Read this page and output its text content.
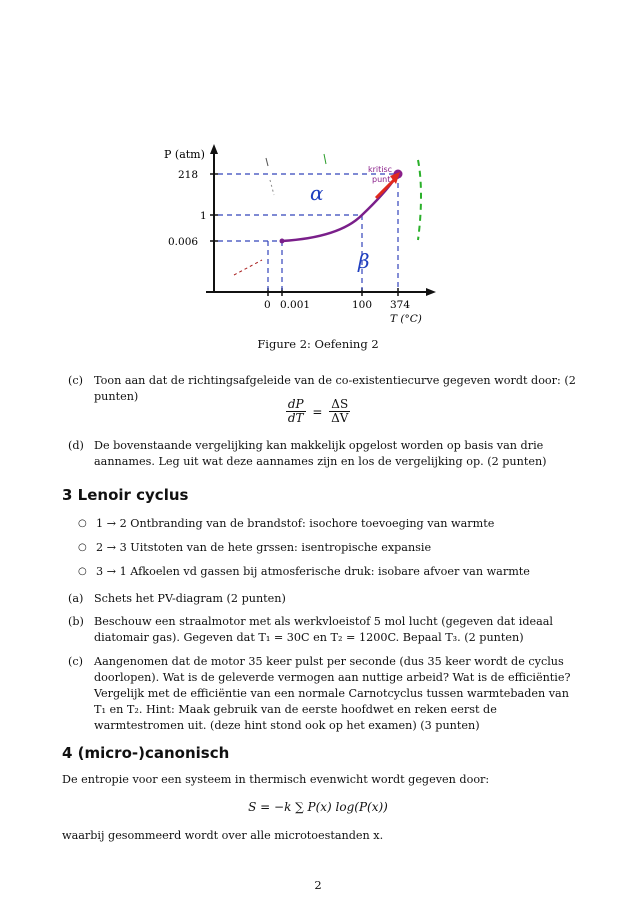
P (atm)
218
1
0.006
0 0.001	100 374
T (°C)
kritisc
punt
α
β
Figure 2: Oefening 2
(c) Toon aan dat de richtingsafgeleide van de co-existentiecurve gegeven wordt door: (2 punten)
$\frac{dP}{dT} = \frac{\Delta S}{\Delta V}$
(d) De bovenstaande vergelijking kan makkelijk opgelost worden op basis van drie aannames. Leg uit wat deze aannames zijn en los de vergelijking op. (2 punten)
3 Lenoir cyclus
○ 1 → 2 Ontbranding van de brandstof: isochore toevoeging van warmte
○ 2 → 3 Uitstoten van de hete grssen: isentropische expansie
○ 3 → 1 Afkoelen vd gassen bij atmosferische druk: isobare afvoer van warmte
(a) Schets het PV-diagram (2 punten)
(b) Beschouw een straalmotor met als werkvloeistof 5 mol lucht (gegeven dat ideaal diatomair gas). Gegeven dat T₁ = 30C en T₂ = 1200C. Bepaal T₃. (2 punten)
(c) Aangenomen dat de motor 35 keer pulst per seconde (dus 35 keer wordt de cyclus doorlopen). Wat is de geleverde vermogen aan nuttige arbeid? Wat is de efficiëntie? Vergelijk met de efficiëntie van een normale Carnotcyclus tussen warmtebaden van T₁ en T₂. Hint: Maak gebruik van de eerste hoofdwet en reken eerst de warmtestromen uit. (deze hint stond ook op het examen) (3 punten)
4 (micro-)canonisch
De entropie voor een systeem in thermisch evenwicht wordt gegeven door:
S = −k ∑ P(x) log(P(x))
waarbij gesommeerd wordt over alle microtoestanden x.
2
